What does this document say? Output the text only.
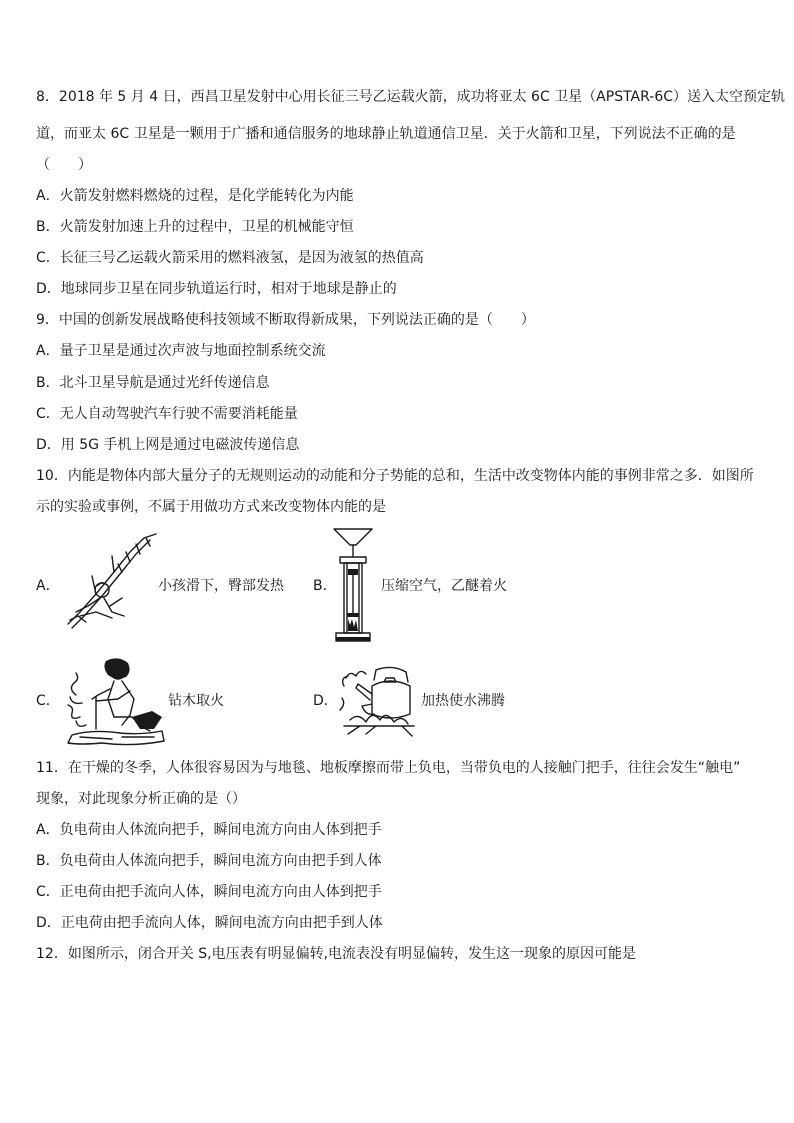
8．2018 年 5 月 4 日，西昌卫星发射中心用长征三号乙运载火箭，成功将亚太 6C 卫星（APSTAR-6C）送入太空预定轨
道，而亚太 6C 卫星是一颗用于广播和通信服务的地球静止轨道通信卫星．关于火箭和卫星，下列说法不正确的是
（　　）
A．火箭发射燃料燃烧的过程，是化学能转化为内能
B．火箭发射加速上升的过程中，卫星的机械能守恒
C．长征三号乙运载火箭采用的燃料液氢，是因为液氢的热值高
D．地球同步卫星在同步轨道运行时，相对于地球是静止的
9．中国的创新发展战略使科技领域不断取得新成果，下列说法正确的是（　　）
A．量子卫星是通过次声波与地面控制系统交流
B．北斗卫星导航是通过光纤传递信息
C．无人自动驾驶汽车行驶不需要消耗能量
D．用 5G 手机上网是通过电磁波传递信息
10．内能是物体内部大量分子的无规则运动的动能和分子势能的总和，生活中改变物体内能的事例非常之多．如图所
示的实验或事例，不属于用做功方式来改变物体内能的是
A．	小孩滑下，臀部发热 B．	压缩空气，乙醚着火
C．	钻木取火	D．	加热使水沸腾
11．在干燥的冬季，人体很容易因为与地毯、地板摩擦而带上负电，当带负电的人接触门把手，往往会发生“触电”
现象，对此现象分析正确的是（）
A．负电荷由人体流向把手，瞬间电流方向由人体到把手
B．负电荷由人体流向把手，瞬间电流方向由把手到人体
C．正电荷由把手流向人体，瞬间电流方向由人体到把手
D．正电荷由把手流向人体，瞬间电流方向由把手到人体
12．如图所示，闭合开关 S,电压表有明显偏转,电流表没有明显偏转，发生这一现象的原因可能是
